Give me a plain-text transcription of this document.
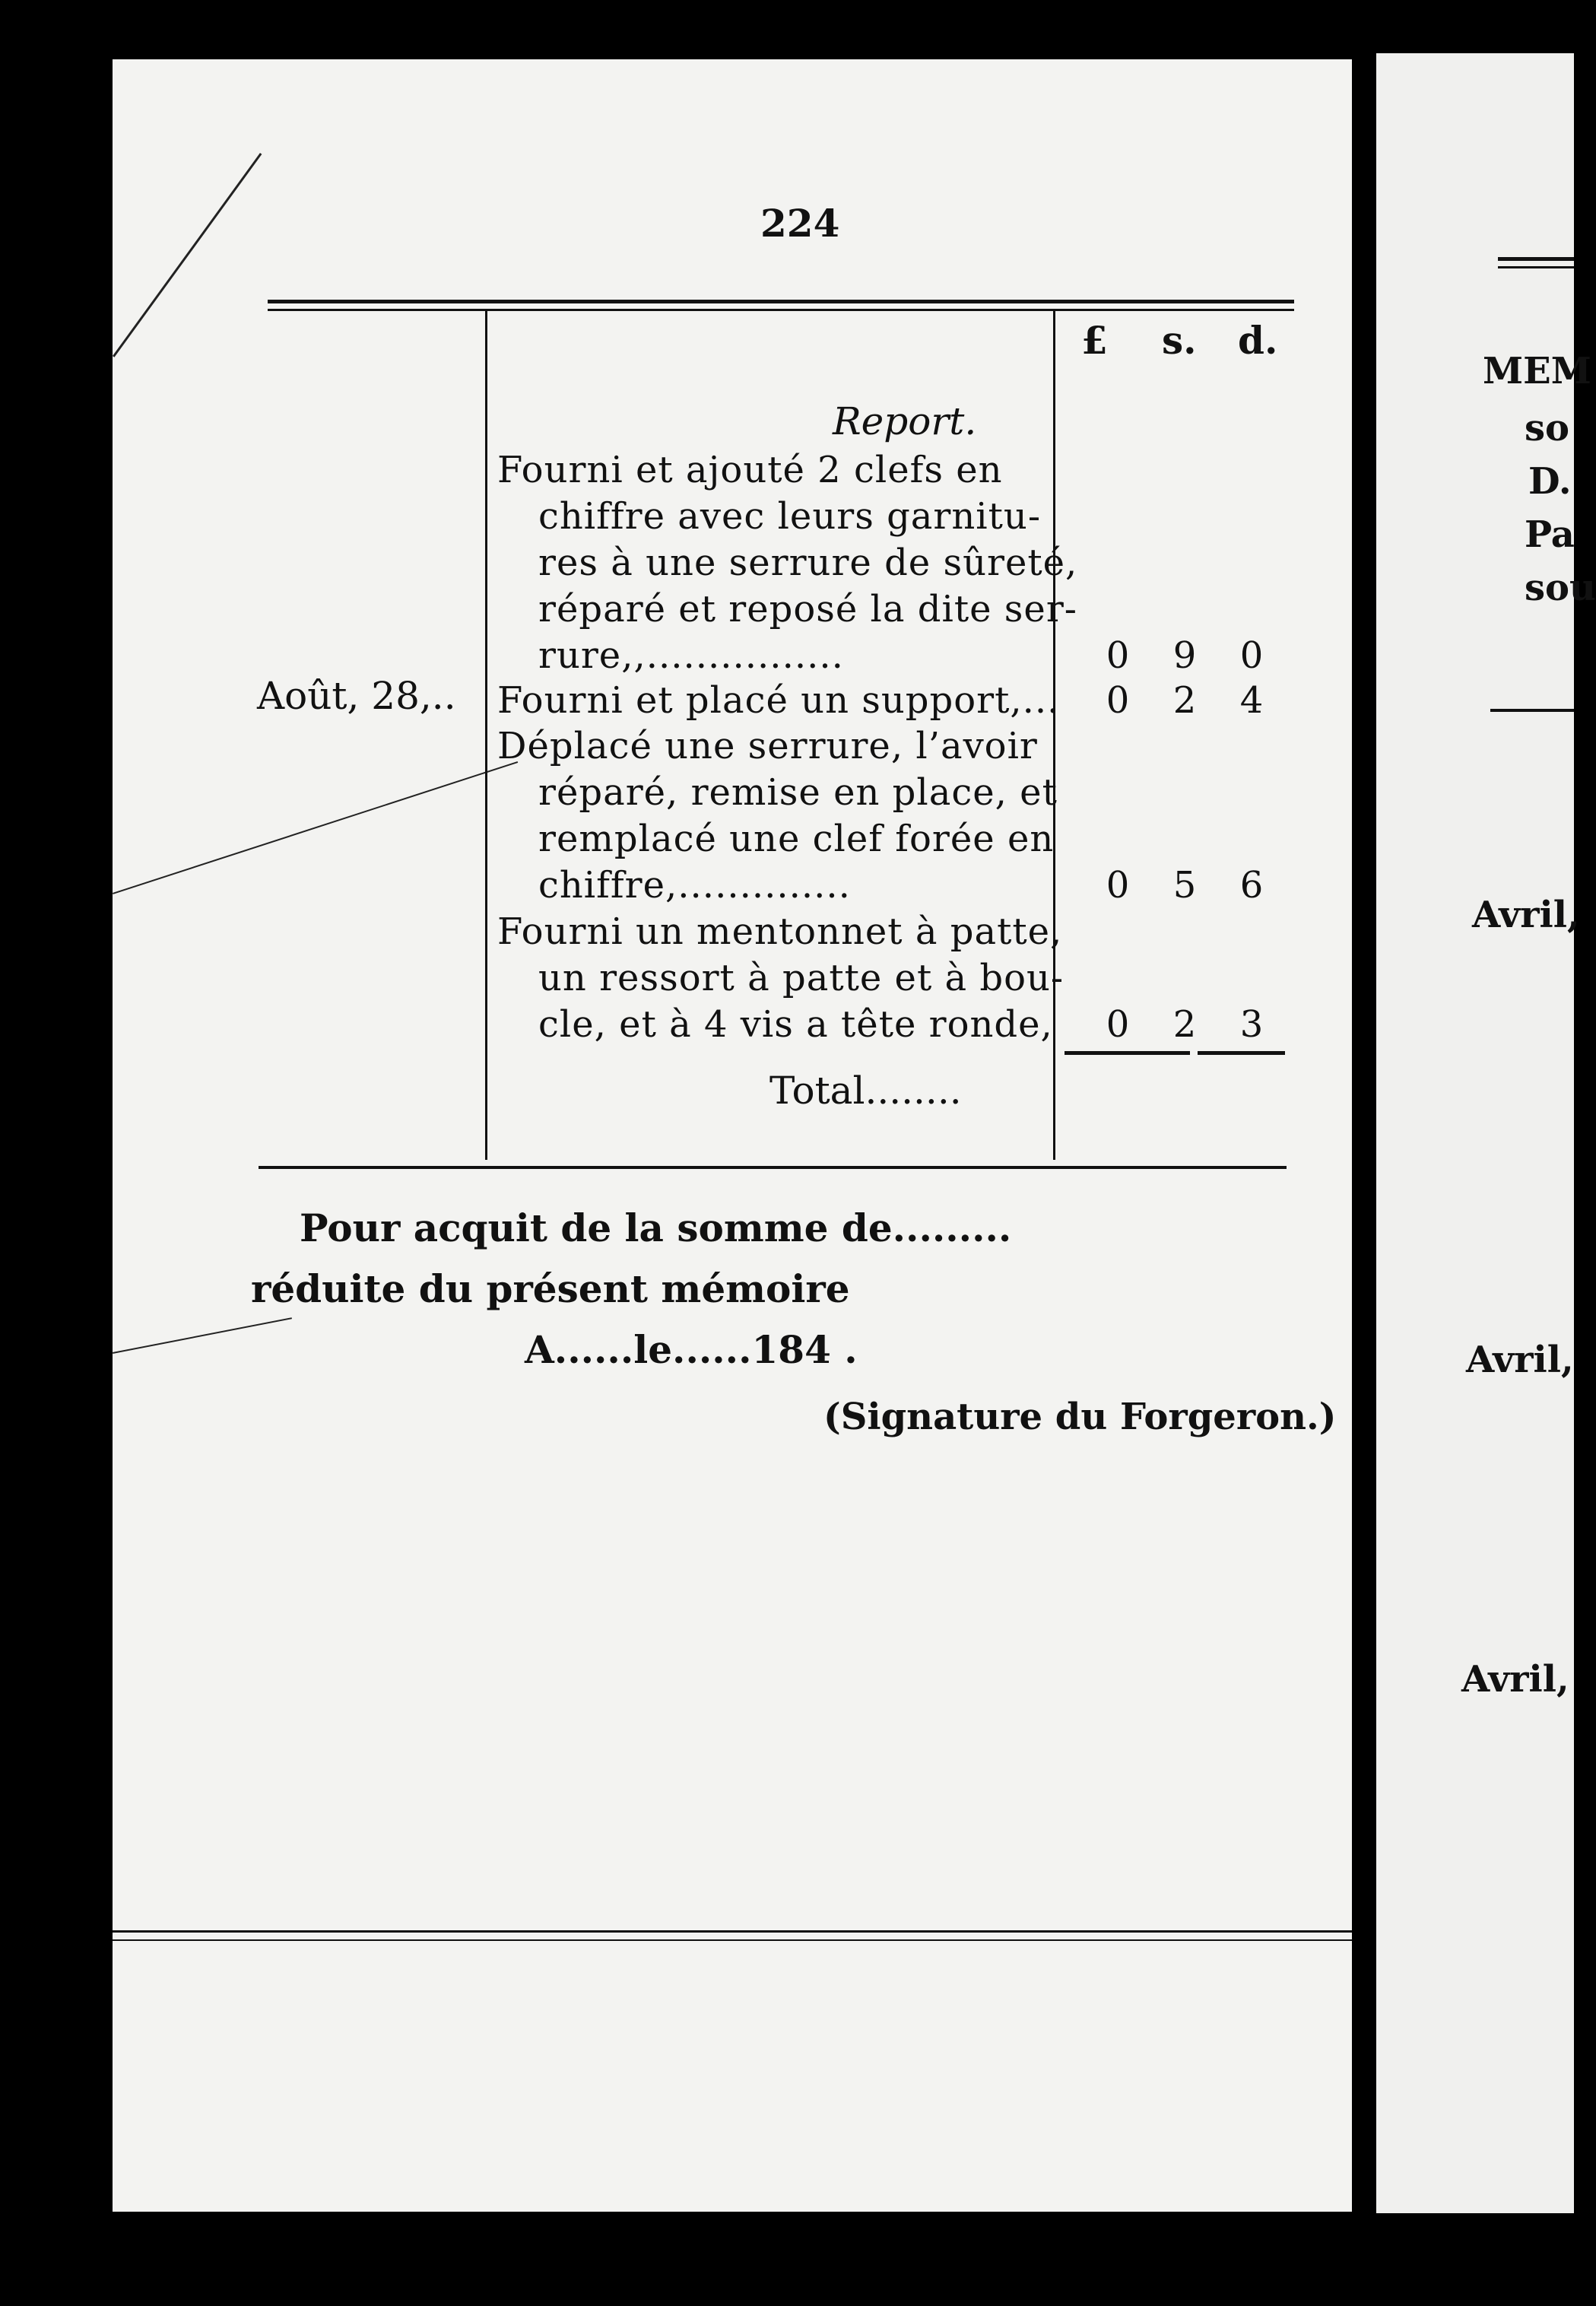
224
£ s. d.
Report.
Fourni et ajouté 2 clefs en
chiffre avec leurs garnitu-
res à une serrure de sûreté,
réparé et reposé la dite ser-
rure,,................	0	9	0
Août, 28,.. Fourni et placé un support,...	0	2	4
Déplacé une serrure, l’avoir
réparé, remise en place, et
remplacé une clef forée en
chiffre,..............	0	5	6
Fourni un mentonnet à patte,
un ressort à patte et à bou-
cle, et à 4 vis a tête ronde,	0	2	3
Total........
Pour acquit de la somme de.........
réduite du présent mémoire
A......le......184 .
(Signature du Forgeron.)
MEM
so
D.
Pa
sou
Avril,
Avril,
Avril,
